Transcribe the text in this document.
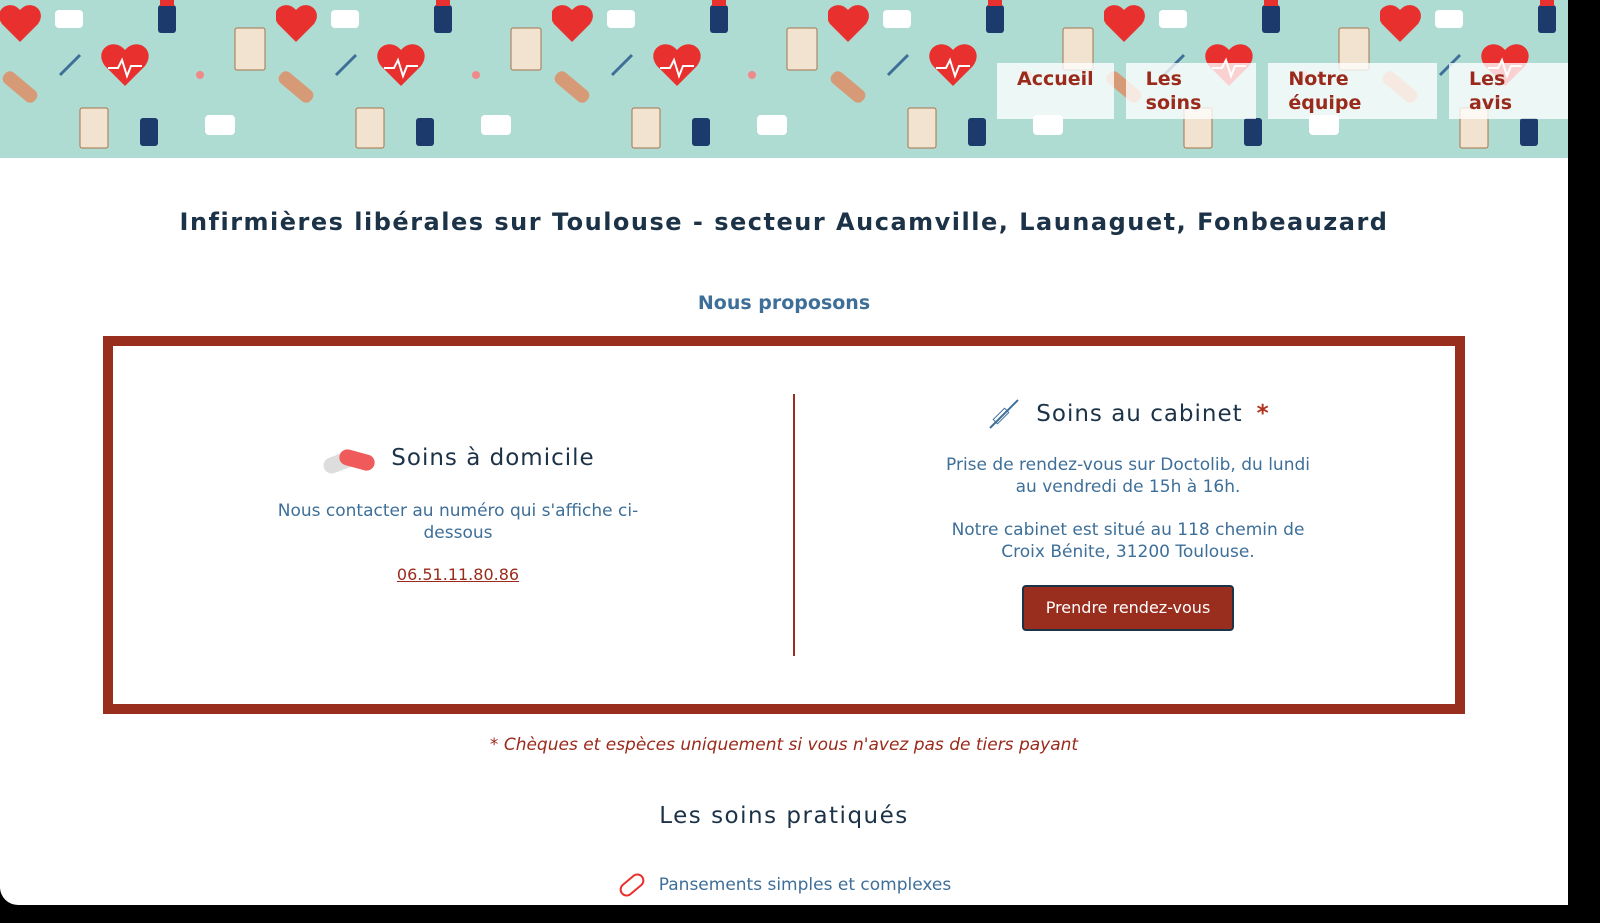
Accueil	Les soins
Notre équipe
Les avis
Infirmières libérales sur Toulouse - secteur Aucamville, Launaguet, Fonbeauzard
Nous proposons
Soins à domicile

Nous contacter au numéro qui s'affiche ci-dessous

06.51.11.80.86
Soins au cabinet *

Prise de rendez-vous sur Doctolib, du lundi au vendredi de 15h à 16h.

Notre cabinet est situé au 118 chemin de Croix Bénite, 31200 Toulouse.

Prendre rendez-vous
* Chèques et espèces uniquement si vous n'avez pas de tiers payant
Les soins pratiqués
Pansements simples et complexes
